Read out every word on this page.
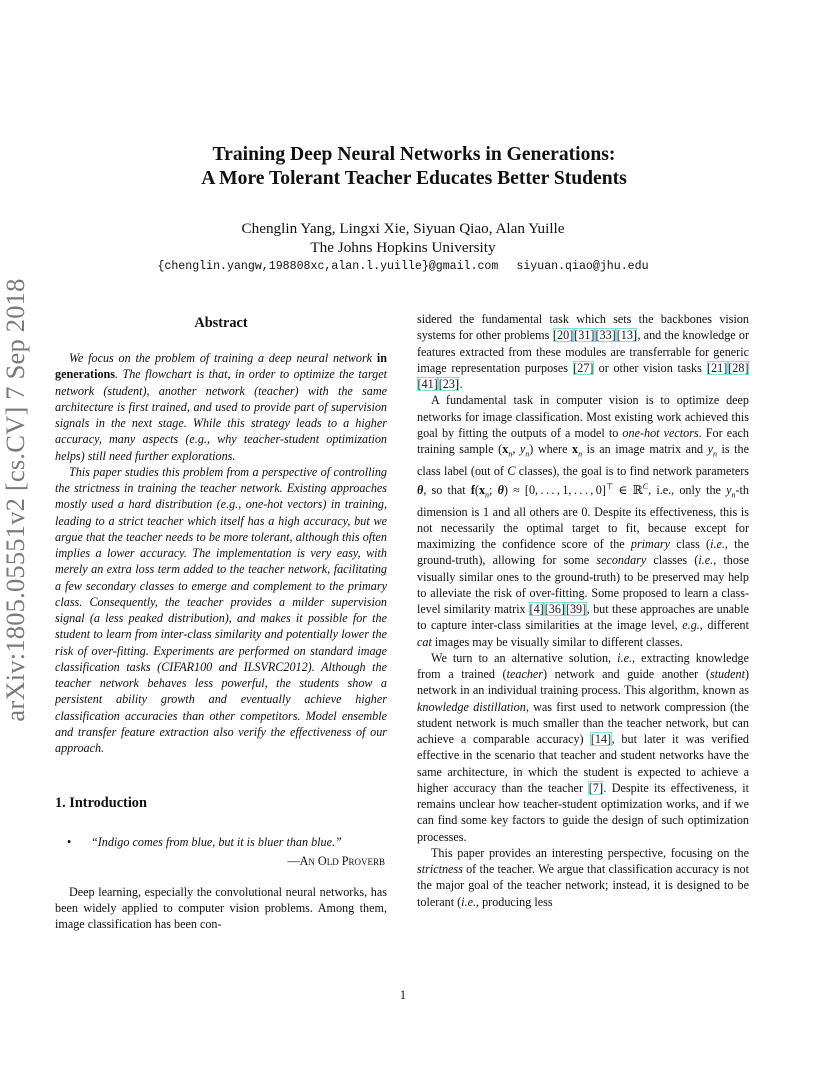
arXiv:1805.05551v2 [cs.CV] 7 Sep 2018
Training Deep Neural Networks in Generations:
A More Tolerant Teacher Educates Better Students
Chenglin Yang, Lingxi Xie, Siyuan Qiao, Alan Yuille
The Johns Hopkins University
{chenglin.yangw,198808xc,alan.l.yuille}@gmail.com siyuan.qiao@jhu.edu
Abstract

We focus on the problem of training a deep neural network in generations. The flowchart is that, in order to optimize the target network (student), another network (teacher) with the same architecture is first trained, and used to provide part of supervision signals in the next stage. While this strategy leads to a higher accuracy, many aspects (e.g., why teacher-student optimization helps) still need further explorations.

This paper studies this problem from a perspective of controlling the strictness in training the teacher network. Existing approaches mostly used a hard distribution (e.g., one-hot vectors) in training, leading to a strict teacher which itself has a high accuracy, but we argue that the teacher needs to be more tolerant, although this often implies a lower accuracy. The implementation is very easy, with merely an extra loss term added to the teacher network, facilitating a few secondary classes to emerge and complement to the primary class. Consequently, the teacher provides a milder supervision signal (a less peaked distribution), and makes it possible for the student to learn from inter-class similarity and potentially lower the risk of over-fitting. Experiments are performed on standard image classification tasks (CIFAR100 and ILSVRC2012). Although the teacher network behaves less powerful, the students show a persistent ability growth and eventually achieve higher classification accuracies than other competitors. Model ensemble and transfer feature extraction also verify the effectiveness of our approach.

1. Introduction
• “Indigo comes from blue, but it is bluer than blue.”
—An Old Proverb

Deep learning, especially the convolutional neural networks, has been widely applied to computer vision problems. Among them, image classification has been con-

sidered the fundamental task which sets the backbones vision systems for other problems [20][31][33][13], and the knowledge or features extracted from these modules are transferrable for generic image representation purposes [27] or other vision tasks [21][28][41][23].

A fundamental task in computer vision is to optimize deep networks for image classification. Most existing work achieved this goal by fitting the outputs of a model to one-hot vectors. For each training sample ($x_n$, $y_n$) where $x_n$ is an image matrix and $y_n$ is the class label (out of C classes), the goal is to find network parameters θ, so that $f(x_n$; θ) ≈ [0, . . . , 1, . . . , 0]⊤ ∈ ℝ$^C$, i.e., only the $y_n-th$ dimension is 1 and all others are 0. Despite its effectiveness, this is not necessarily the optimal target to fit, because except for maximizing the confidence score of the primary class (i.e., the ground-truth), allowing for some secondary classes (i.e., those visually similar ones to the ground-truth) to be preserved may help to alleviate the risk of over-fitting. Some proposed to learn a class-level similarity matrix [4][36][39], but these approaches are unable to capture inter-class similarities at the image level, e.g., different cat images may be visually similar to different classes.

We turn to an alternative solution, i.e., extracting knowledge from a trained (teacher) network and guide another (student) network in an individual training process. This algorithm, known as knowledge distillation, was first used to network compression (the student network is much smaller than the teacher network, but can achieve a comparable accuracy) [14], but later it was verified effective in the scenario that teacher and student networks have the same architecture, in which the student is expected to achieve a higher accuracy than the teacher [7]. Despite its effectiveness, it remains unclear how teacher-student optimization works, and if we can find some key factors to guide the design of such optimization processes.

This paper provides an interesting perspective, focusing on the strictness of the teacher. We argue that classification accuracy is not the major goal of the teacher network; instead, it is designed to be tolerant (i.e., producing less

1
